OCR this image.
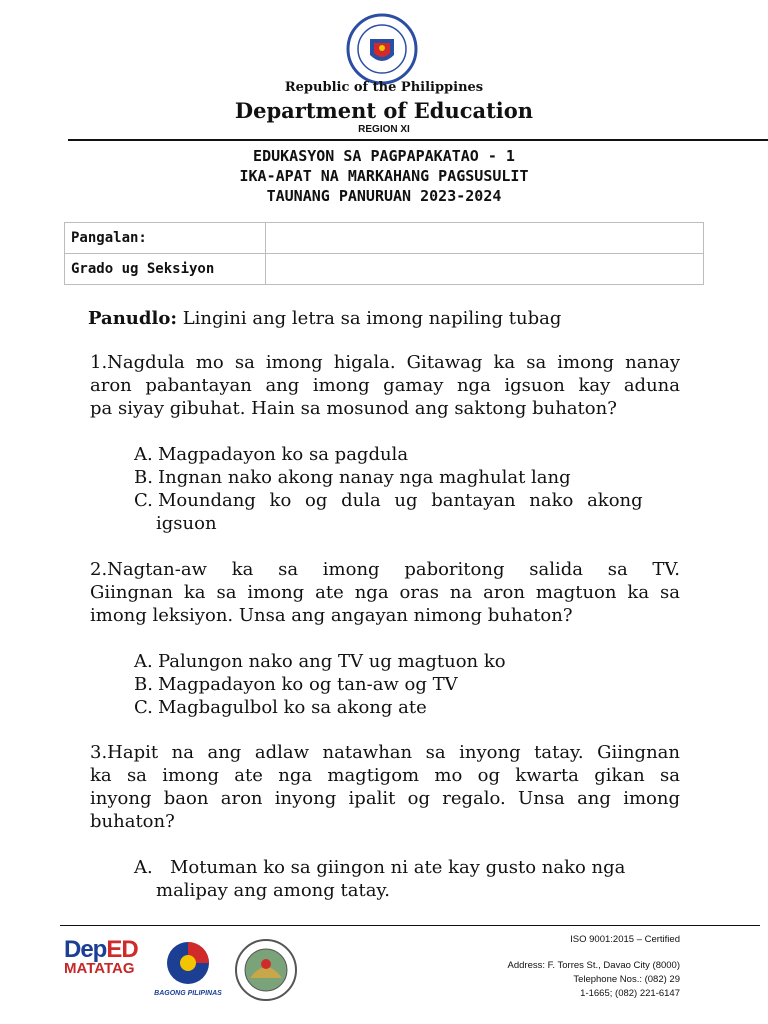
Republic of the Philippines
Department of Education
REGION XI
EDUKASYON SA PAGPAPAKATAO - 1
IKA-APAT NA MARKAHANG PAGSUSULIT
TAUNANG PANURUAN 2023-2024
Pangalan:	
Grado ug Seksiyon	
Panudlo: Lingini ang letra sa imong napiling tubag
1.Nagdula mo sa imong higala. Gitawag ka sa imong nanay
aron pabantayan ang imong gamay nga igsuon kay aduna
pa siyay gibuhat. Hain sa mosunod ang saktong buhaton?
A. Magpadayon ko sa pagdula
B. Ingnan nako akong nanay nga maghulat lang
C. Moundang ko og dula ug bantayan nako akong
igsuon
2.Nagtan-aw ka sa imong paboritong salida sa TV.
Giingnan ka sa imong ate nga oras na aron magtuon ka sa
imong leksiyon. Unsa ang angayan nimong buhaton?
A. Palungon nako ang TV ug magtuon ko
B. Magpadayon ko og tan-aw og TV
C. Magbagulbol ko sa akong ate
3.Hapit na ang adlaw natawhan sa inyong tatay. Giingnan
ka sa imong ate nga magtigom mo og kwarta gikan sa
inyong baon aron inyong ipalit og regalo. Unsa ang imong
buhaton?
A. Motuman ko sa giingon ni ate kay gusto nako nga
malipay ang among tatay.
DepED
MATATAG
BAGONG PILIPINAS
ISO 9001:2015 – Certified
Address: F. Torres St., Davao City (8000)
Telephone Nos.: (082) 29
1-1665; (082) 221-6147
